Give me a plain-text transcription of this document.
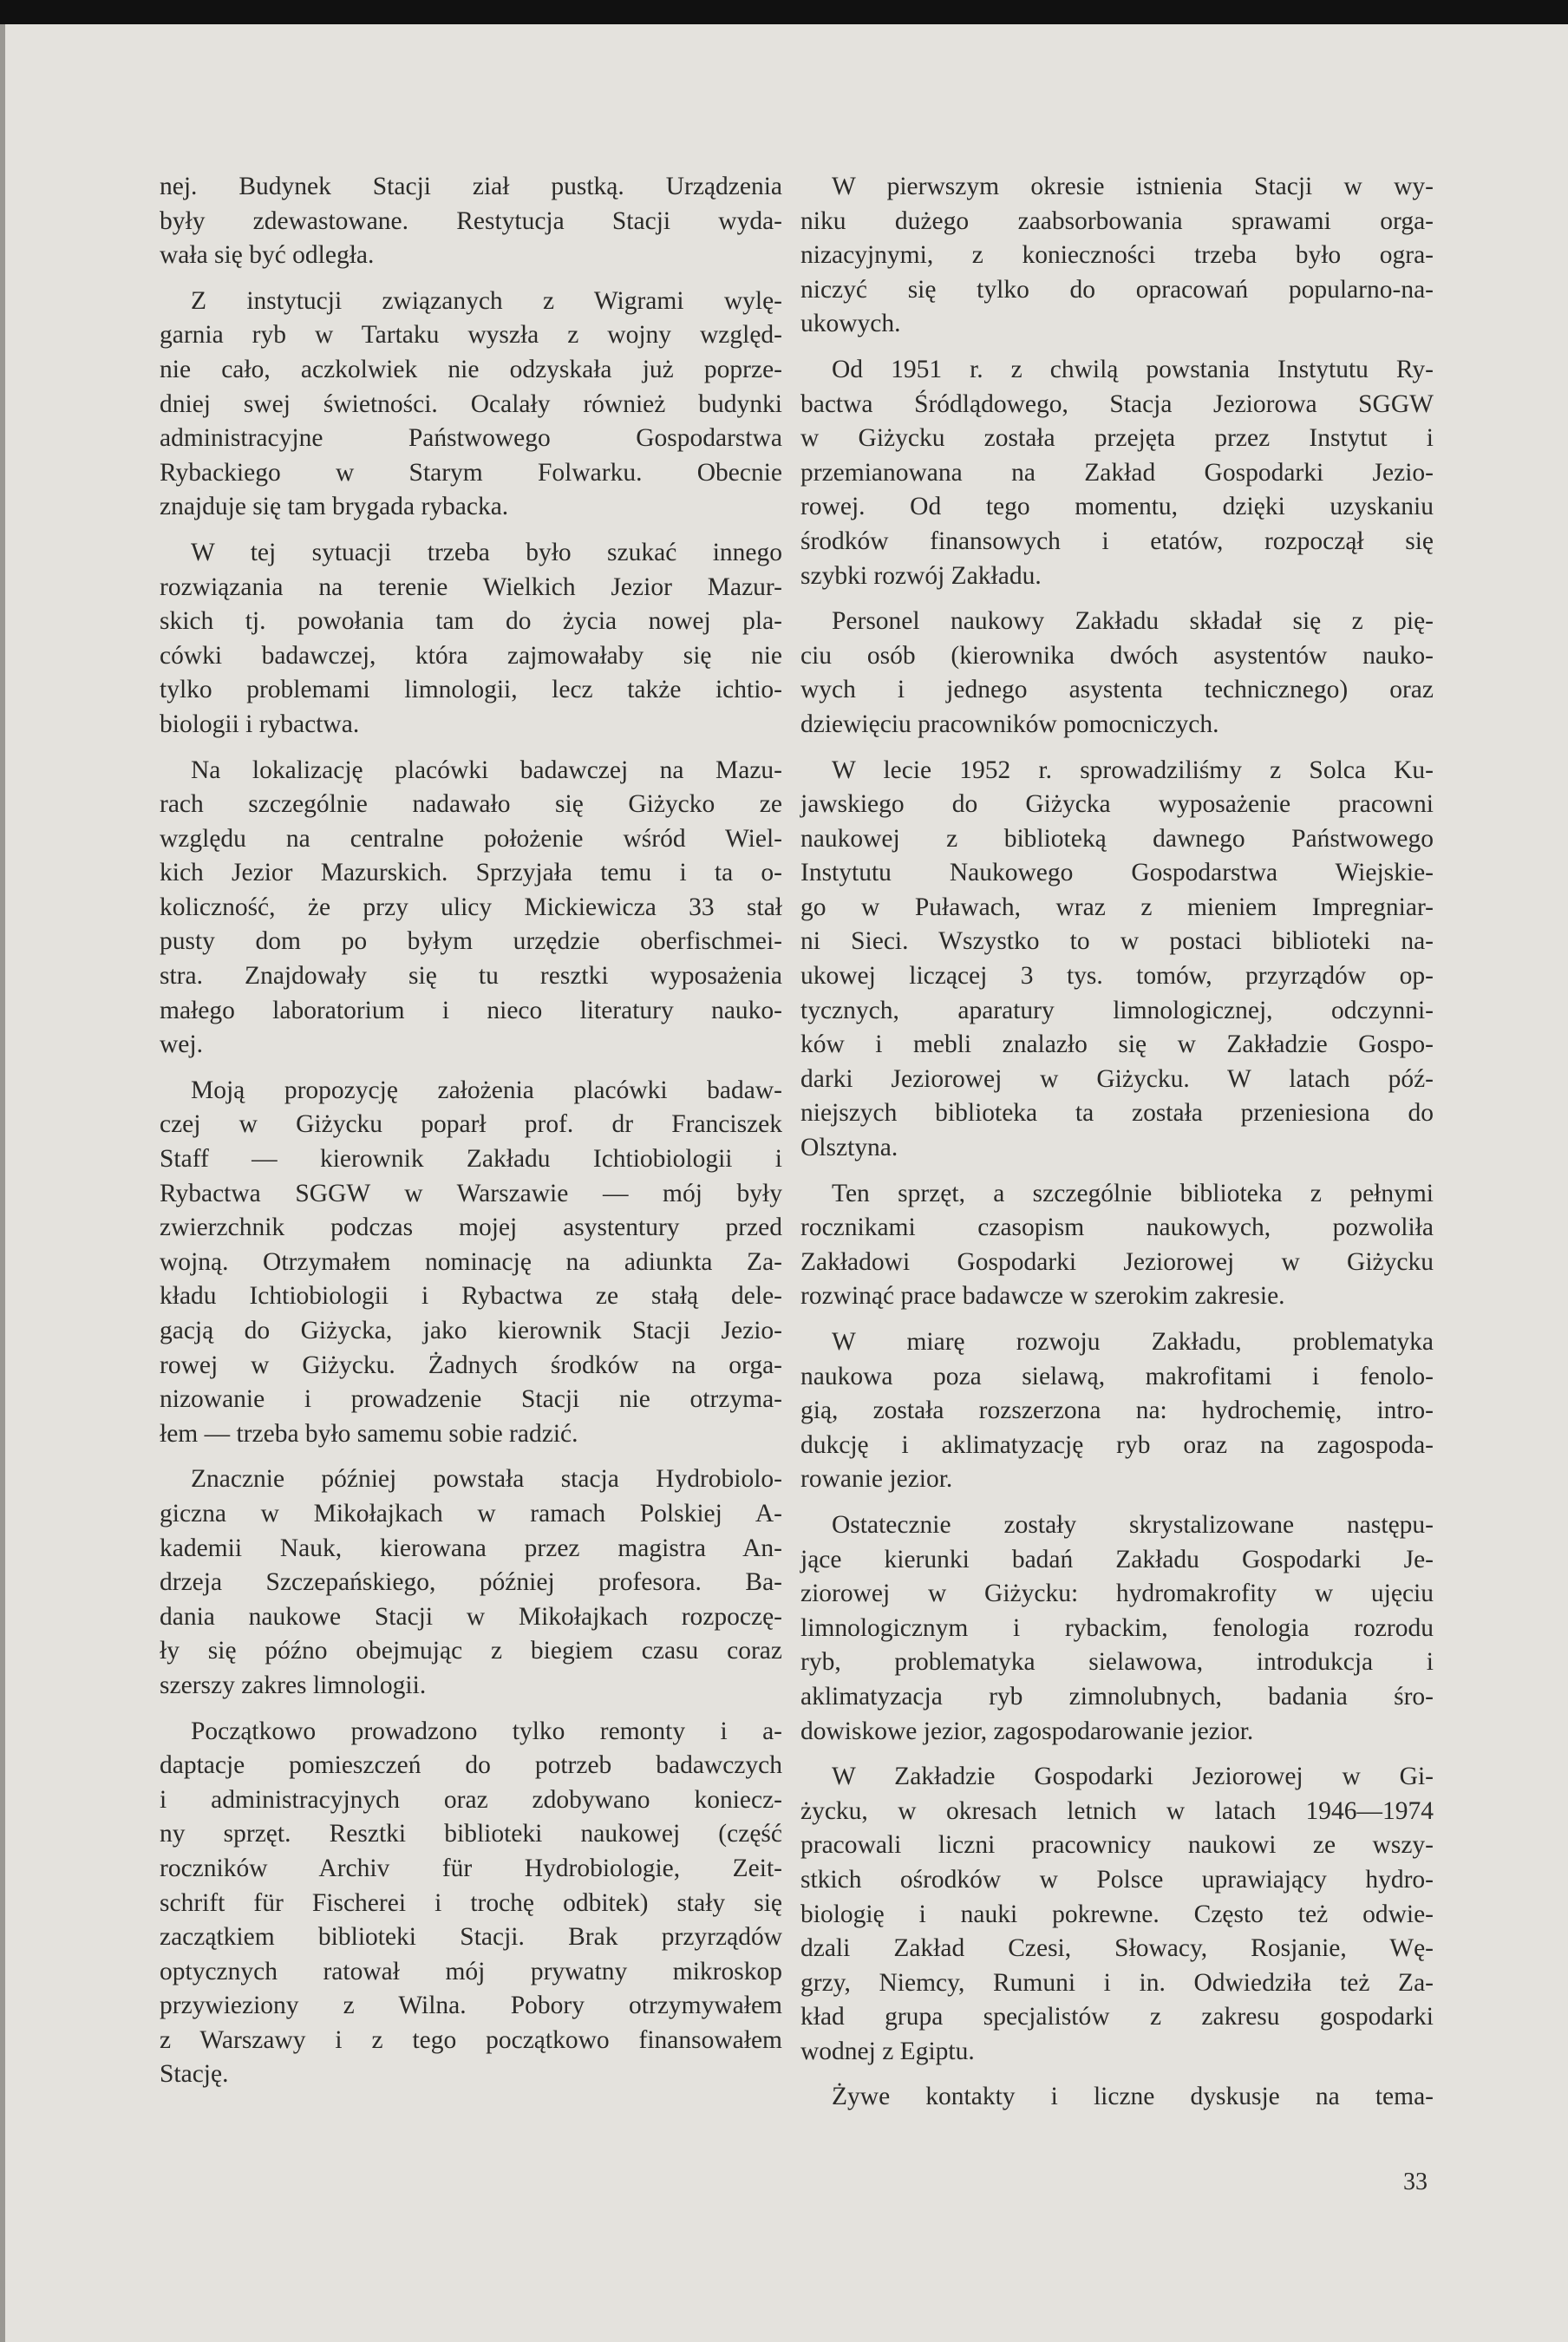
nej. Budynek Stacji ział pustką. Urządzenia
były zdewastowane. Restytucja Stacji wyda-
wała się być odległa.
Z instytucji związanych z Wigrami wylę-
garnia ryb w Tartaku wyszła z wojny względ-
nie cało, aczkolwiek nie odzyskała już poprze-
dniej swej świetności. Ocalały również budynki
administracyjne Państwowego Gospodarstwa
Rybackiego w Starym Folwarku. Obecnie
znajduje się tam brygada rybacka.
W tej sytuacji trzeba było szukać innego
rozwiązania na terenie Wielkich Jezior Mazur-
skich tj. powołania tam do życia nowej pla-
cówki badawczej, która zajmowałaby się nie
tylko problemami limnologii, lecz także ichtio-
biologii i rybactwa.
Na lokalizację placówki badawczej na Mazu-
rach szczególnie nadawało się Giżycko ze
względu na centralne położenie wśród Wiel-
kich Jezior Mazurskich. Sprzyjała temu i ta o-
koliczność, że przy ulicy Mickiewicza 33 stał
pusty dom po byłym urzędzie oberfischmei-
stra. Znajdowały się tu resztki wyposażenia
małego laboratorium i nieco literatury nauko-
wej.
Moją propozycję założenia placówki badaw-
czej w Giżycku poparł prof. dr Franciszek
Staff — kierownik Zakładu Ichtiobiologii i
Rybactwa SGGW w Warszawie — mój były
zwierzchnik podczas mojej asystentury przed
wojną. Otrzymałem nominację na adiunkta Za-
kładu Ichtiobiologii i Rybactwa ze stałą dele-
gacją do Giżycka, jako kierownik Stacji Jezio-
rowej w Giżycku. Żadnych środków na orga-
nizowanie i prowadzenie Stacji nie otrzyma-
łem — trzeba było samemu sobie radzić.
Znacznie później powstała stacja Hydrobiolo-
giczna w Mikołajkach w ramach Polskiej A-
kademii Nauk, kierowana przez magistra An-
drzeja Szczepańskiego, później profesora. Ba-
dania naukowe Stacji w Mikołajkach rozpoczę-
ły się późno obejmując z biegiem czasu coraz
szerszy zakres limnologii.
Początkowo prowadzono tylko remonty i a-
daptacje pomieszczeń do potrzeb badawczych
i administracyjnych oraz zdobywano koniecz-
ny sprzęt. Resztki biblioteki naukowej (część
roczników Archiv für Hydrobiologie, Zeit-
schrift für Fischerei i trochę odbitek) stały się
zaczątkiem biblioteki Stacji. Brak przyrządów
optycznych ratował mój prywatny mikroskop
przywieziony z Wilna. Pobory otrzymywałem
z Warszawy i z tego początkowo finansowałem
Stację.
W pierwszym okresie istnienia Stacji w wy-
niku dużego zaabsorbowania sprawami orga-
nizacyjnymi, z konieczności trzeba było ogra-
niczyć się tylko do opracowań popularno-na-
ukowych.
Od 1951 r. z chwilą powstania Instytutu Ry-
bactwa Śródlądowego, Stacja Jeziorowa SGGW
w Giżycku została przejęta przez Instytut i
przemianowana na Zakład Gospodarki Jezio-
rowej. Od tego momentu, dzięki uzyskaniu
środków finansowych i etatów, rozpoczął się
szybki rozwój Zakładu.
Personel naukowy Zakładu składał się z pię-
ciu osób (kierownika dwóch asystentów nauko-
wych i jednego asystenta technicznego) oraz
dziewięciu pracowników pomocniczych.
W lecie 1952 r. sprowadziliśmy z Solca Ku-
jawskiego do Giżycka wyposażenie pracowni
naukowej z biblioteką dawnego Państwowego
Instytutu Naukowego Gospodarstwa Wiejskie-
go w Puławach, wraz z mieniem Impregniar-
ni Sieci. Wszystko to w postaci biblioteki na-
ukowej liczącej 3 tys. tomów, przyrządów op-
tycznych, aparatury limnologicznej, odczynni-
ków i mebli znalazło się w Zakładzie Gospo-
darki Jeziorowej w Giżycku. W latach póź-
niejszych biblioteka ta została przeniesiona do
Olsztyna.
Ten sprzęt, a szczególnie biblioteka z pełnymi
rocznikami czasopism naukowych, pozwoliła
Zakładowi Gospodarki Jeziorowej w Giżycku
rozwinąć prace badawcze w szerokim zakresie.
W miarę rozwoju Zakładu, problematyka
naukowa poza sielawą, makrofitami i fenolo-
gią, została rozszerzona na: hydrochemię, intro-
dukcję i aklimatyzację ryb oraz na zagospoda-
rowanie jezior.
Ostatecznie zostały skrystalizowane następu-
jące kierunki badań Zakładu Gospodarki Je-
ziorowej w Giżycku: hydromakrofity w ujęciu
limnologicznym i rybackim, fenologia rozrodu
ryb, problematyka sielawowa, introdukcja i
aklimatyzacja ryb zimnolubnych, badania śro-
dowiskowe jezior, zagospodarowanie jezior.
W Zakładzie Gospodarki Jeziorowej w Gi-
życku, w okresach letnich w latach 1946—1974
pracowali liczni pracownicy naukowi ze wszy-
stkich ośrodków w Polsce uprawiający hydro-
biologię i nauki pokrewne. Często też odwie-
dzali Zakład Czesi, Słowacy, Rosjanie, Wę-
grzy, Niemcy, Rumuni i in. Odwiedziła też Za-
kład grupa specjalistów z zakresu gospodarki
wodnej z Egiptu.
Żywe kontakty i liczne dyskusje na tema-
33
